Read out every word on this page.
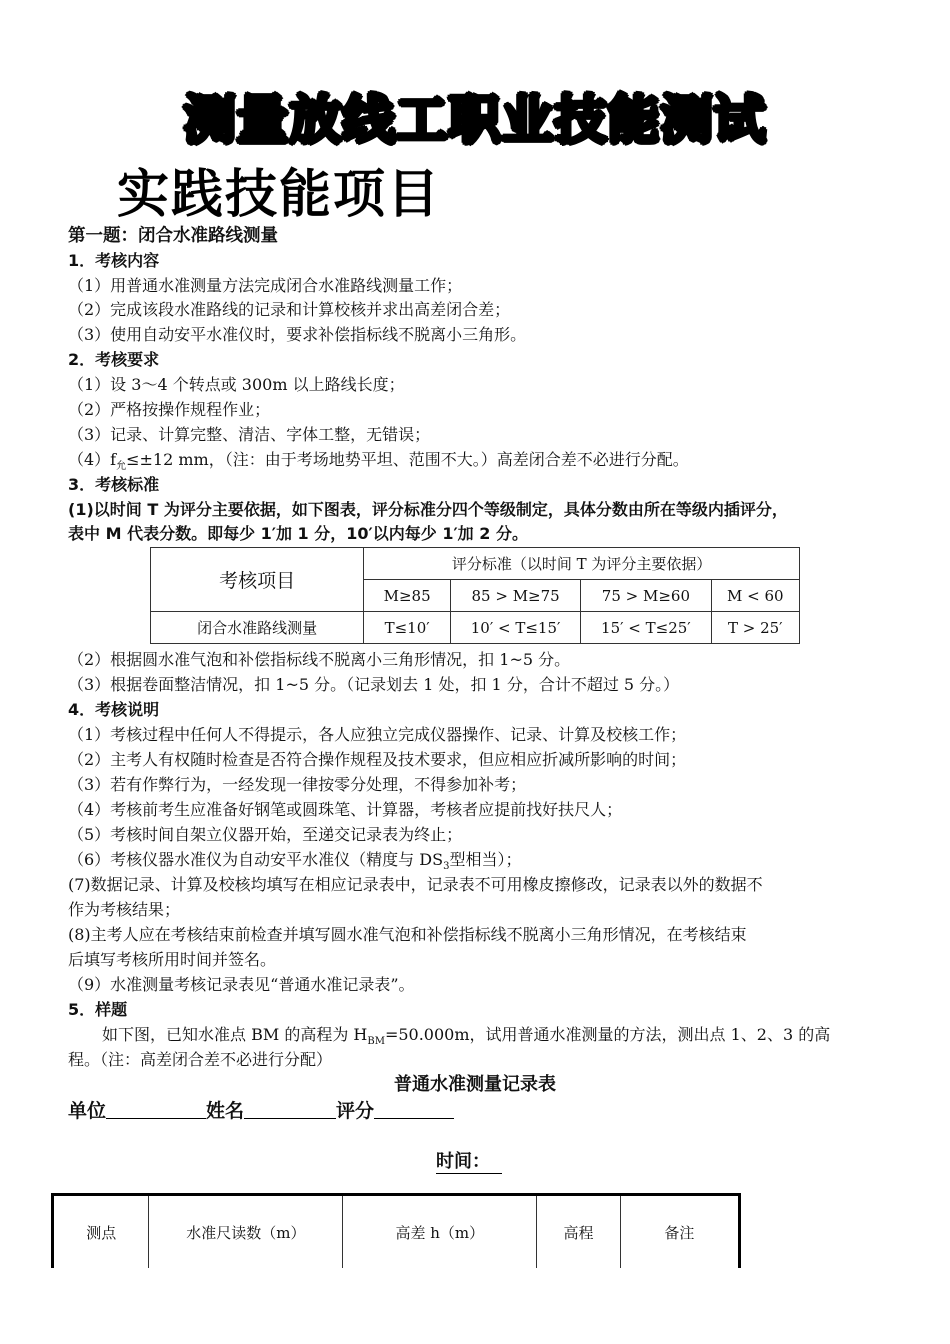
测量放线工职业技能测试
实践技能项目
第一题：闭合水准路线测量
1．考核内容
（1）用普通水准测量方法完成闭合水准路线测量工作；
（2）完成该段水准路线的记录和计算校核并求出高差闭合差；
（3）使用自动安平水准仪时，要求补偿指标线不脱离小三角形。
2．考核要求
（1）设 3～4 个转点或 300m 以上路线长度；
（2）严格按操作规程作业；
（3）记录、计算完整、清洁、字体工整，无错误；
$(4)f_允\le\pm 12$ mm，（注：由于考场地势平坦、范围不大。）高差闭合差不必进行分配。
3．考核标准
(1)以时间 T 为评分主要依据，如下图表，评分标准分四个等级制定，具体分数由所在等级内插评分，
表中 M 代表分数。即每少 1′加 1 分，10′以内每少 1′加 2 分。
考核项目	评分标准（以时间 T 为评分主要依据）			
	M≥85	85 > M≥75	75 > M≥60	M < 60
闭合水准路线测量	T≤10′	10′ < T≤15′	15′ < T≤25′	T > 25′
（2）根据圆水准气泡和补偿指标线不脱离小三角形情况，扣 1~5 分。
（3）根据卷面整洁情况，扣 1~5 分。（记录划去 1 处，扣 1 分，合计不超过 5 分。）
4．考核说明
（1）考核过程中任何人不得提示，各人应独立完成仪器操作、记录、计算及校核工作；
（2）主考人有权随时检查是否符合操作规程及技术要求，但应相应折减所影响的时间；
（3）若有作弊行为，一经发现一律按零分处理，不得参加补考；
（4）考核前考生应准备好钢笔或圆珠笔、计算器，考核者应提前找好扶尺人；
（5）考核时间自架立仪器开始，至递交记录表为终止；
（6）考核仪器水准仪为自动安平水准仪（精度与 $DS_3$型相当）；
(7)数据记录、计算及校核均填写在相应记录表中，记录表不可用橡皮擦修改，记录表以外的数据不
作为考核结果；
(8)主考人应在考核结束前检查并填写圆水准气泡和补偿指标线不脱离小三角形情况，在考核结束
后填写考核所用时间并签名。
（9）水准测量考核记录表见“普通水准记录表”。
5．样题
如下图，已知水准点 BM 的高程为 $H_{BM}=50.000m$，试用普通水准测量的方法，测出点 1、2、3 的高
程。（注：高差闭合差不必进行分配）
普通水准测量记录表
单位	姓名	评分
时间：
测点	水准尺读数（m）	高差 h（m）	高程	备注
